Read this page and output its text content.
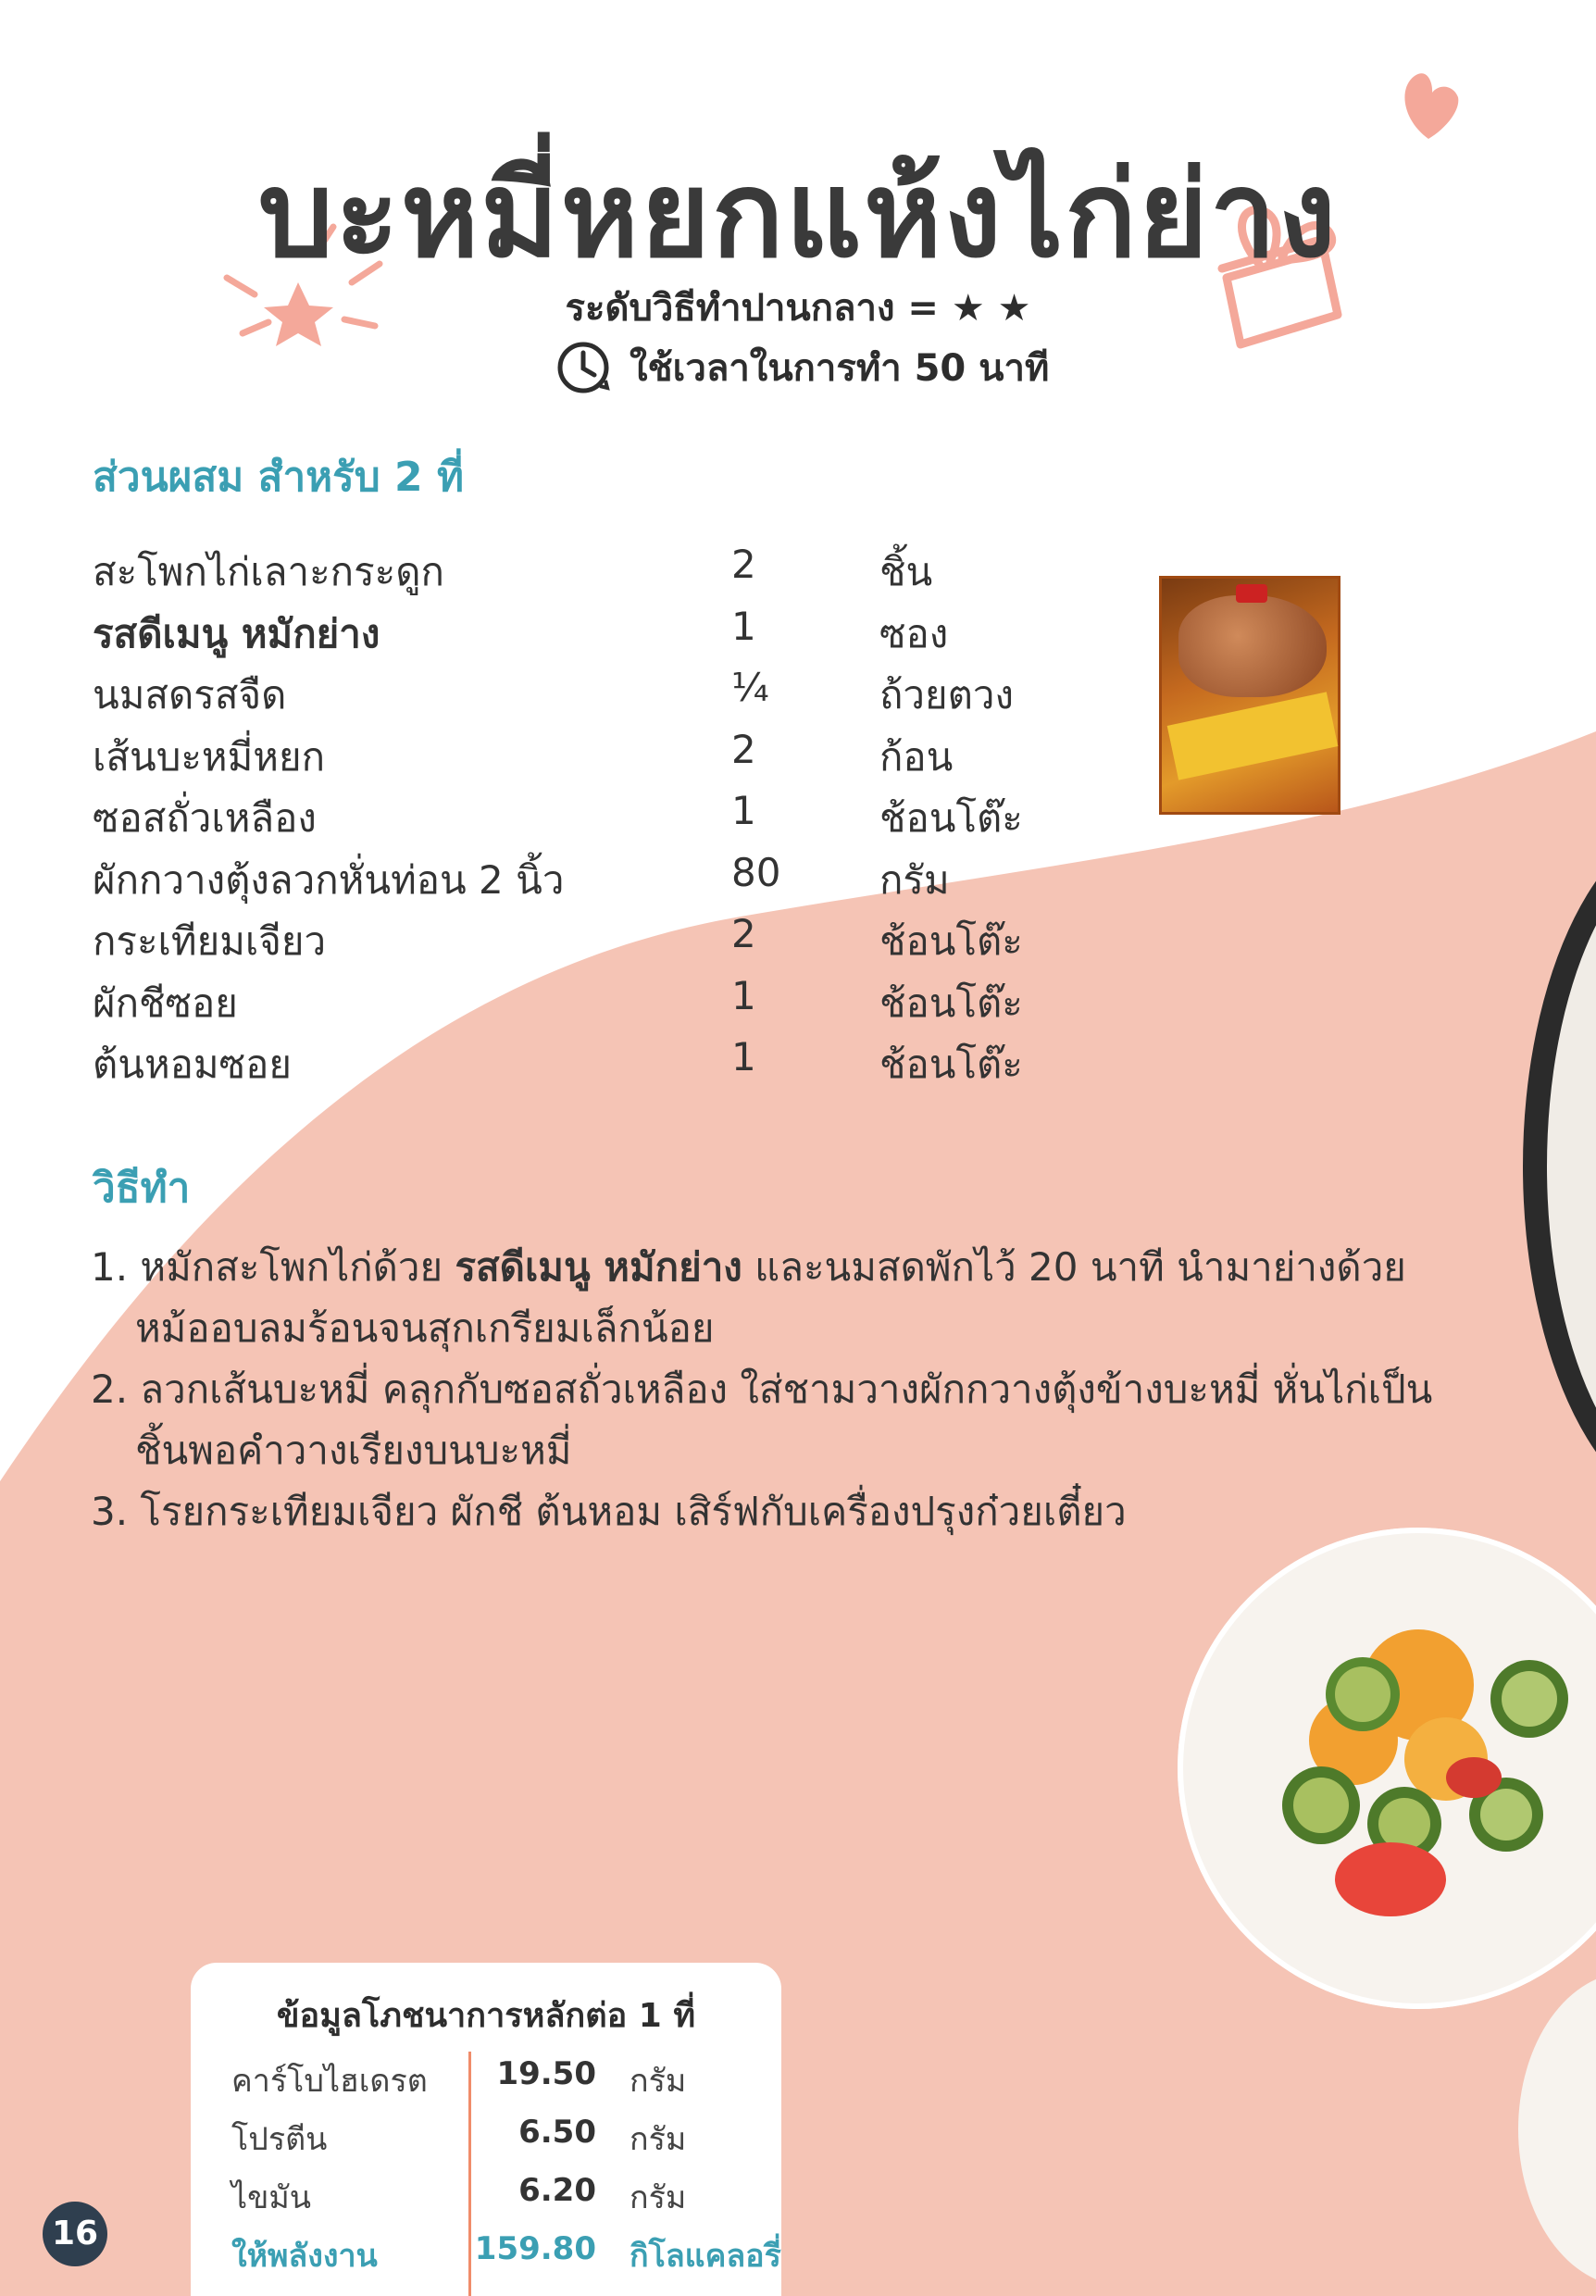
บะหมี่หยกแห้งไก่ย่าง
ระดับวิธีทำปานกลาง = ★ ★
ใช้เวลาในการทำ 50 นาที
ส่วนผสม สำหรับ 2 ที่
สะโพกไก่เลาะกระดูก	2	ชิ้น
รสดีเมนู หมักย่าง	1	ซอง
นมสดรสจืด	¼	ถ้วยตวง
เส้นบะหมี่หยก	2	ก้อน
ซอสถั่วเหลือง	1	ช้อนโต๊ะ
ผักกวางตุ้งลวกหั่นท่อน 2 นิ้ว	80	กรัม
กระเทียมเจียว	2	ช้อนโต๊ะ
ผักชีซอย	1	ช้อนโต๊ะ
ต้นหอมซอย	1	ช้อนโต๊ะ
วิธีทำ
1. หมักสะโพกไก่ด้วย รสดีเมนู หมักย่าง และนมสดพักไว้ 20 นาที นำมาย่างด้วยหม้ออบลมร้อนจนสุกเกรียมเล็กน้อย
2. ลวกเส้นบะหมี่ คลุกกับซอสถั่วเหลือง ใส่ชามวางผักกวางตุ้งข้างบะหมี่ หั่นไก่เป็นชิ้นพอคำวางเรียงบนบะหมี่
3. โรยกระเทียมเจียว ผักชี ต้นหอม เสิร์ฟกับเครื่องปรุงก๋วยเตี๋ยว
ข้อมูลโภชนาการหลักต่อ 1 ที่
คาร์โบไฮเดรต 19.50 กรัม
โปรตีน	6.50 กรัม
ไขมัน	6.20 กรัม
ให้พลังงาน	159.80 กิโลแคลอรี่
16
